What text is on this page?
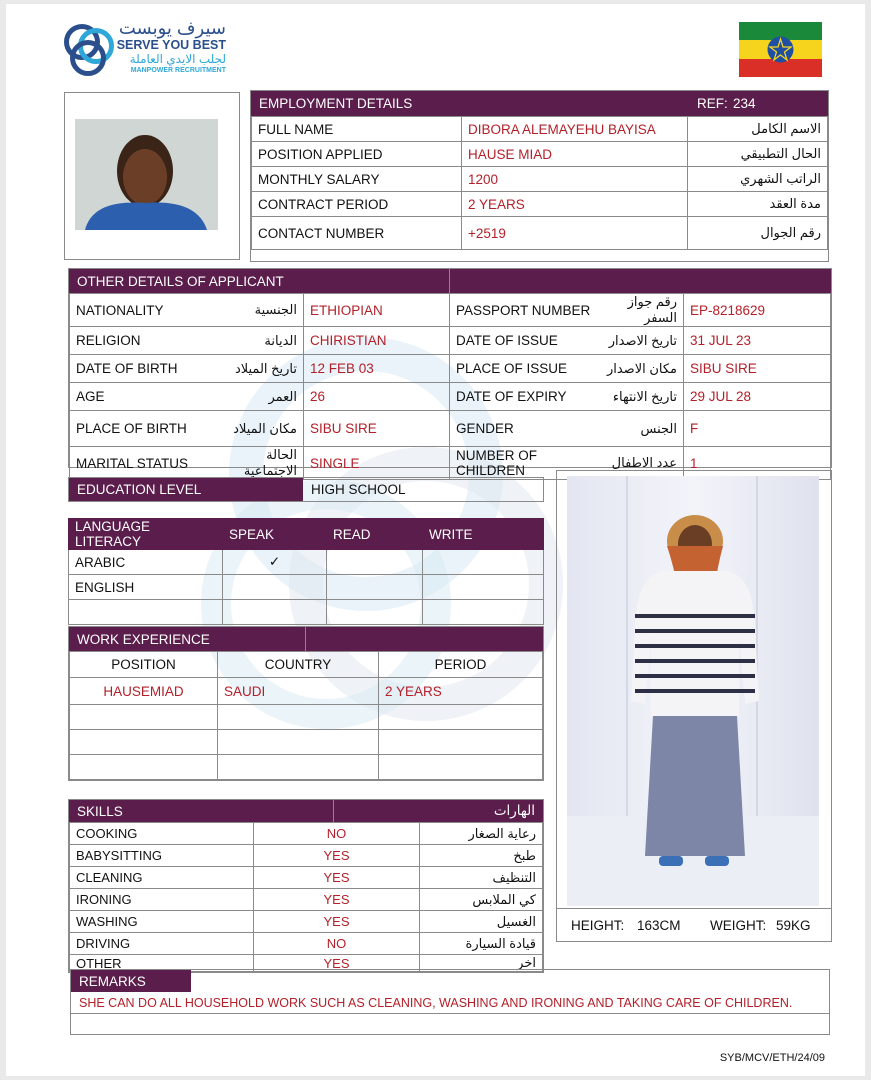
سيرف يوبست
SERVE YOU BEST
لجلب الايدي العاملة
MANPOWER RECRUITMENT
EMPLOYMENT DETAILS	REF: 234
FULL NAME	DIBORA ALEMAYEHU BAYISA	الاسم الكامل
POSITION APPLIED	HAUSE MIAD	الحال التطبيقي
MONTHLY SALARY	1200	الراتب الشهري
CONTRACT PERIOD	2 YEARS	مدة العقد
CONTACT NUMBER	+2519	رقم الجوال
OTHER DETAILS OF APPLICANT
NATIONALITY	الجنسية	ETHIOPIAN	PASSPORT NUMBER	رقم جواز السفر	EP-8218629
RELIGION	الديانة	CHIRISTIAN	DATE OF ISSUE	تاريخ الاصدار	31 JUL 23
DATE OF BIRTH	تاريخ الميلاد	12 FEB 03	PLACE OF ISSUE	مكان الاصدار	SIBU SIRE
AGE	العمر	26	DATE OF EXPIRY	تاريخ الانتهاء	29 JUL 28
PLACE OF BIRTH	مكان الميلاد	SIBU SIRE	GENDER	الجنس	F
MARITAL STATUS	الحالة الاجتماعية	SINGLE	NUMBER OF CHILDREN	عدد الاطفال	1
EDUCATION LEVEL	HIGH SCHOOL
LANGUAGE LITERACY	SPEAK	READ	WRITE
ARABIC	✓		
ENGLISH			

WORK EXPERIENCE
POSITION	COUNTRY	PERIOD
HAUSEMIAD	SAUDI	2 YEARS

SKILLS	الهارات
COOKING	NO	رعاية الصغار
BABYSITTING	YES	طبخ
CLEANING	YES	التنظيف
IRONING	YES	كي الملابس
WASHING	YES	الغسيل
DRIVING	NO	قيادة السيارة
OTHER	YES	اخر
HEIGHT: 163CM WEIGHT: 59KG
REMARKS
SHE CAN DO ALL HOUSEHOLD WORK SUCH AS CLEANING, WASHING AND IRONING AND TAKING CARE OF CHILDREN.
SYB/MCV/ETH/24/09
